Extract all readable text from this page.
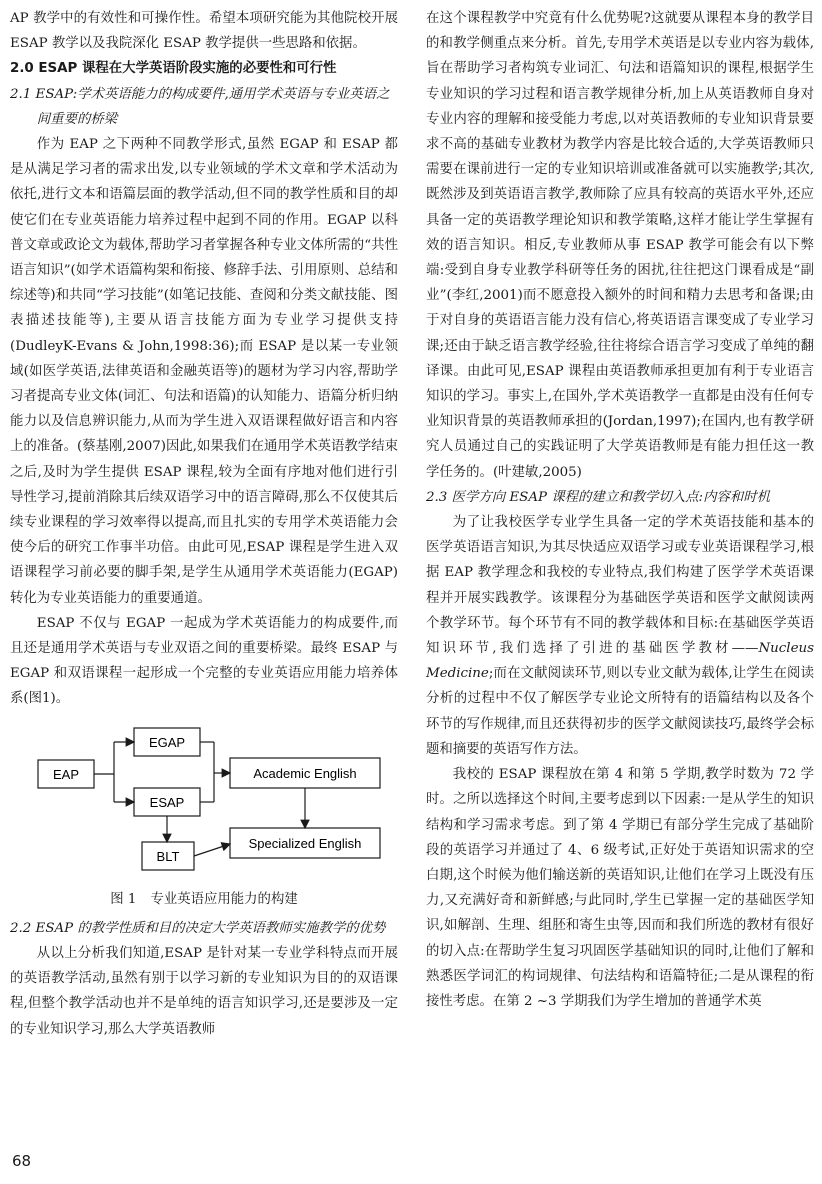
AP 教学中的有效性和可操作性。希望本项研究能为其他院校开展 ESAP 教学以及我院深化 ESAP 教学提供一些思路和依据。

2.0 ESAP 课程在大学英语阶段实施的必要性和可行性
2.1 ESAP:学术英语能力的构成要件,通用学术英语与专业英语之间重要的桥梁

作为 EAP 之下两种不同教学形式,虽然 EGAP 和 ESAP 都是从满足学习者的需求出发,以专业领域的学术文章和学术活动为依托,进行文本和语篇层面的教学活动,但不同的教学性质和目的却使它们在专业英语能力培养过程中起到不同的作用。EGAP 以科普文章或政论文为载体,帮助学习者掌握各种专业文体所需的“共性语言知识”(如学术语篇构架和衔接、修辞手法、引用原则、总结和综述等)和共同“学习技能”(如笔记技能、查阅和分类文献技能、图表描述技能等),主要从语言技能方面为专业学习提供支持(DudleyK-Evans & John,1998:36);而 ESAP 是以某一专业领域(如医学英语,法律英语和金融英语等)的题材为学习内容,帮助学习者提高专业文体(词汇、句法和语篇)的认知能力、语篇分析归纳能力以及信息辨识能力,从而为学生进入双语课程做好语言和内容上的准备。(蔡基刚,2007)因此,如果我们在通用学术英语教学结束之后,及时为学生提供 ESAP 课程,较为全面有序地对他们进行引导性学习,提前消除其后续双语学习中的语言障碍,那么不仅使其后续专业课程的学习效率得以提高,而且扎实的专用学术英语能力会使今后的研究工作事半功倍。由此可见,ESAP 课程是学生进入双语课程学习前必要的脚手架,是学生从通用学术英语能力(EGAP)转化为专业英语能力的重要通道。

ESAP 不仅与 EGAP 一起成为学术英语能力的构成要件,而且还是通用学术英语与专业双语之间的重要桥梁。最终 ESAP 与 EGAP 和双语课程一起形成一个完整的专业英语应用能力培养体系(图1)。

EAP
EGAP
ESAP
BLT
Academic English
Specialized English
图 1 专业英语应用能力的构建
2.2 ESAP 的教学性质和目的决定大学英语教师实施教学的优势

从以上分析我们知道,ESAP 是针对某一专业学科特点而开展的英语教学活动,虽然有别于以学习新的专业知识为目的的双语课程,但整个教学活动也并不是单纯的语言知识学习,还是要涉及一定的专业知识学习,那么大学英语教师

在这个课程教学中究竟有什么优势呢?这就要从课程本身的教学目的和教学侧重点来分析。首先,专用学术英语是以专业内容为载体,旨在帮助学习者构筑专业词汇、句法和语篇知识的课程,根据学生专业知识的学习过程和语言教学规律分析,加上从英语教师自身对专业内容的理解和接受能力考虑,以对英语教师的专业知识背景要求不高的基础专业教材为教学内容是比较合适的,大学英语教师只需要在课前进行一定的专业知识培训或准备就可以实施教学;其次,既然涉及到英语语言教学,教师除了应具有较高的英语水平外,还应具备一定的英语教学理论知识和教学策略,这样才能让学生掌握有效的语言知识。相反,专业教师从事 ESAP 教学可能会有以下弊端:受到自身专业教学科研等任务的困扰,往往把这门课看成是“副业”(李红,2001)而不愿意投入额外的时间和精力去思考和备课;由于对自身的英语语言能力没有信心,将英语语言课变成了专业学习课;还由于缺乏语言教学经验,往往将综合语言学习变成了单纯的翻译课。由此可见,ESAP 课程由英语教师承担更加有利于专业语言知识的学习。事实上,在国外,学术英语教学一直都是由没有任何专业知识背景的英语教师承担的(Jordan,1997);在国内,也有教学研究人员通过自己的实践证明了大学英语教师是有能力担任这一教学任务的。(叶建敏,2005)

2.3 医学方向 ESAP 课程的建立和教学切入点:内容和时机

为了让我校医学专业学生具备一定的学术英语技能和基本的医学英语语言知识,为其尽快适应双语学习或专业英语课程学习,根据 EAP 教学理念和我校的专业特点,我们构建了医学学术英语课程并开展实践教学。该课程分为基础医学英语和医学文献阅读两个教学环节。每个环节有不同的教学载体和目标:在基础医学英语知识环节,我们选择了引进的基础医学教材——Nucleus Medicine;而在文献阅读环节,则以专业文献为载体,让学生在阅读分析的过程中不仅了解医学专业论文所特有的语篇结构以及各个环节的写作规律,而且还获得初步的医学文献阅读技巧,最终学会标题和摘要的英语写作方法。

我校的 ESAP 课程放在第 4 和第 5 学期,教学时数为 72 学时。之所以选择这个时间,主要考虑到以下因素:一是从学生的知识结构和学习需求考虑。到了第 4 学期已有部分学生完成了基础阶段的英语学习并通过了 4、6 级考试,正好处于英语知识需求的空白期,这个时候为他们输送新的英语知识,让他们在学习上既没有压力,又充满好奇和新鲜感;与此同时,学生已掌握一定的基础医学知识,如解剖、生理、组胚和寄生虫等,因而和我们所选的教材有很好的切入点:在帮助学生复习巩固医学基础知识的同时,让他们了解和熟悉医学词汇的构词规律、句法结构和语篇特征;二是从课程的衔接性考虑。在第 2 ~3 学期我们为学生增加的普通学术英

68
